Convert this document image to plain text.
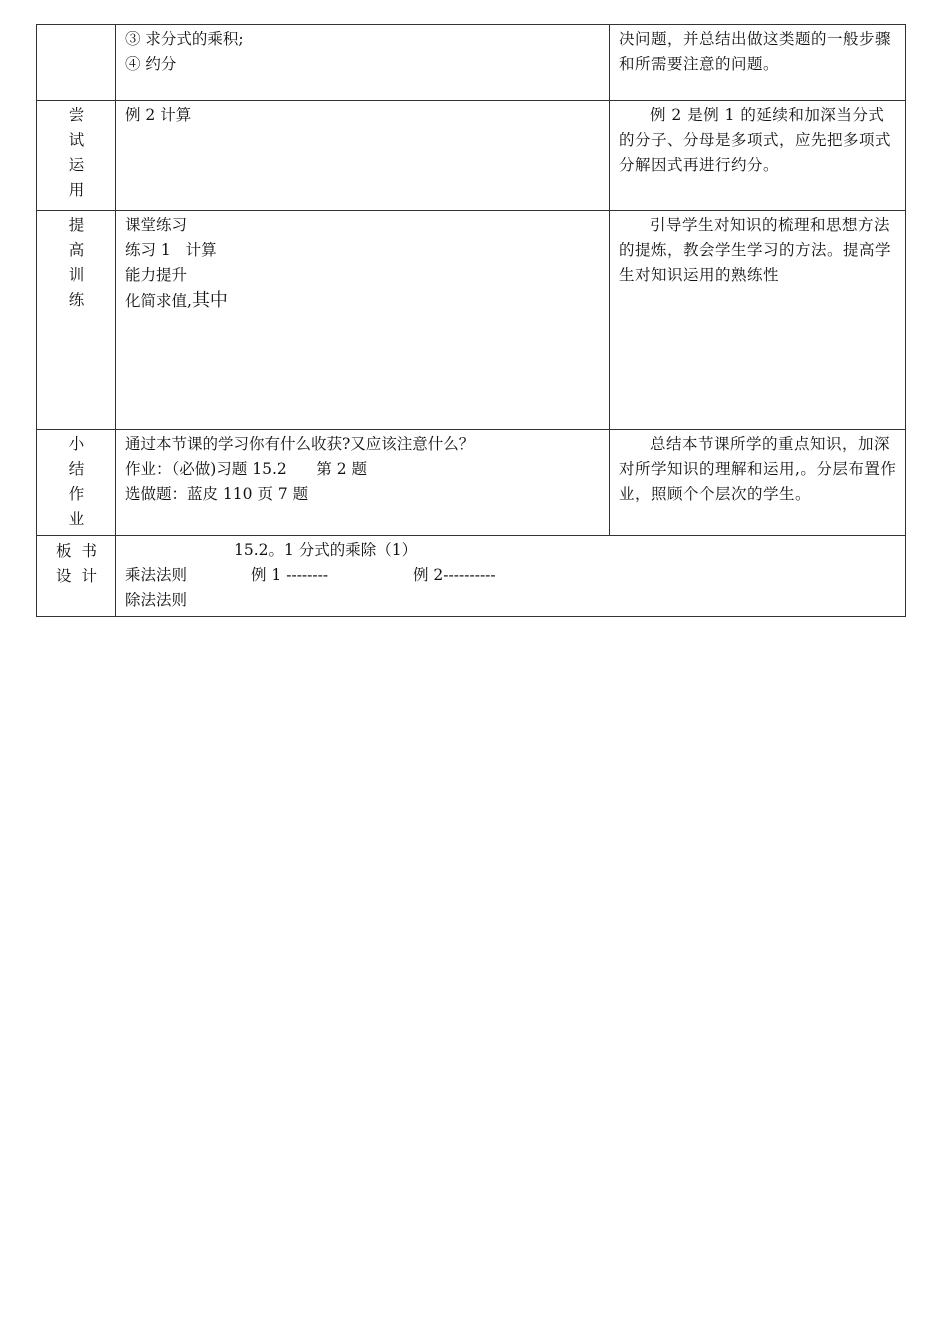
	③ 求分式的乘积;
④ 约分	决问题，并总结出做这类题的一般步骤和所需要注意的问题。

尝
试
运
用	例 2 计算	例 2 是例 1 的延续和加深当分式的分子、分母是多项式，应先把多项式分解因式再进行约分。

提
高
训
练	课堂练习
练习 1   计算
能力提升
化简求值,其中	引导学生对知识的梳理和思想方法的提炼，教会学生学习的方法。提高学生对知识运用的熟练性

小
结
作
业	通过本节课的学习你有什么收获?又应该注意什么？
作业：（必做)习题 15.2      第 2 题
选做题：蓝皮 110 页 7 题	总结本节课所学的重点知识，加深对所学知识的理解和运用,。分层布置作业，照顾个个层次的学生。

板书
设计	15.2。1 分式的乘除（1）
乘法法则 例 1 -------- 例 2----------
除法法则	
